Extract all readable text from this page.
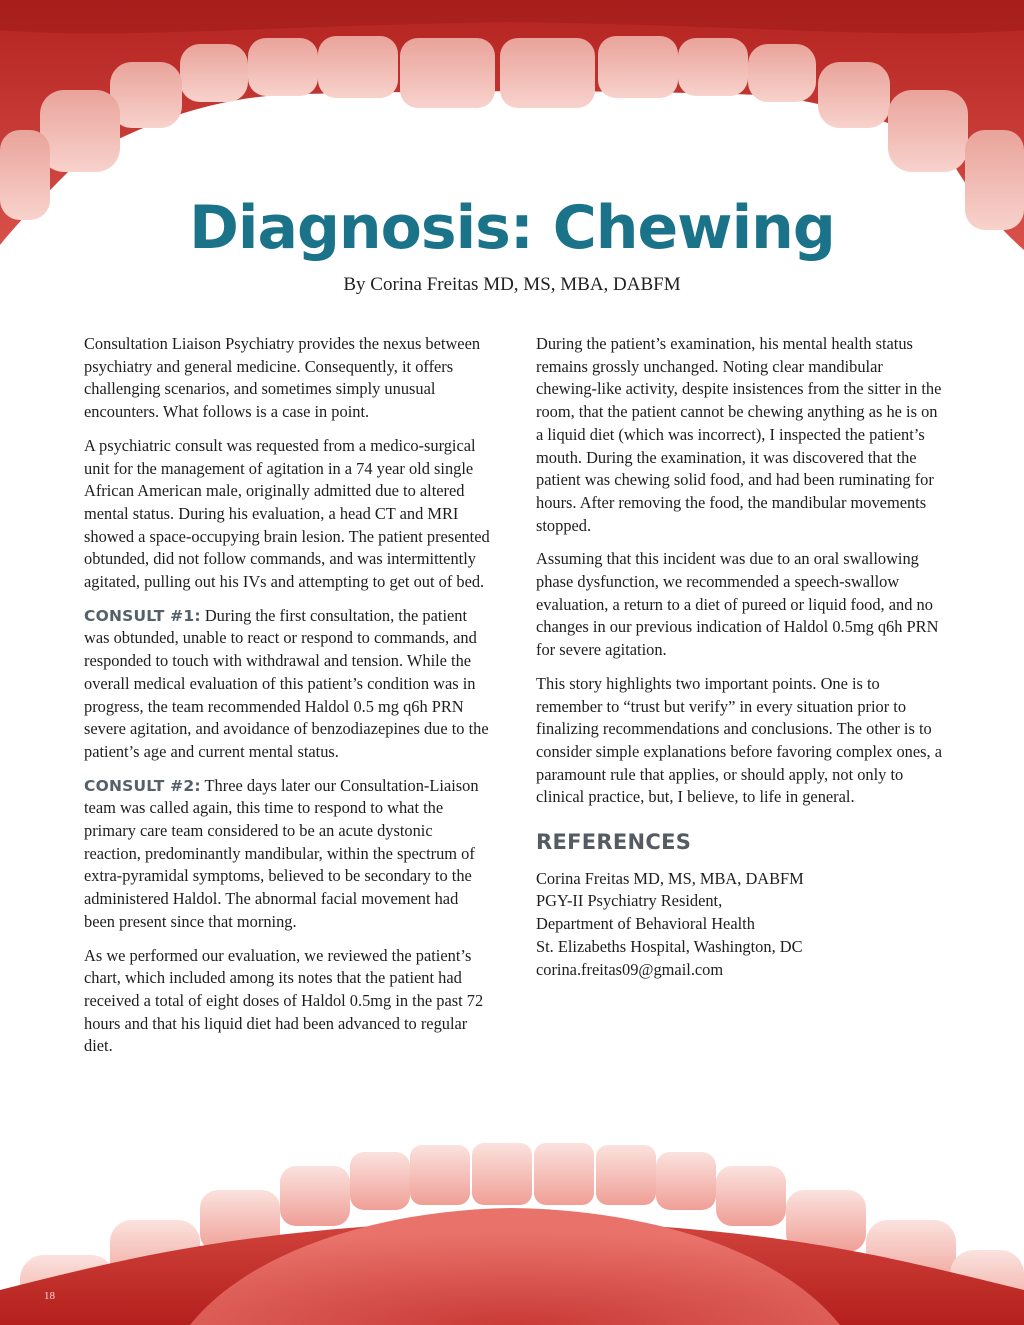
Diagnosis: Chewing
By Corina Freitas MD, MS, MBA, DABFM

Consultation Liaison Psychiatry provides the nexus between psychiatry and general medicine. Consequently, it offers challenging scenarios, and sometimes simply unusual encounters. What follows is a case in point.

A psychiatric consult was requested from a medico-surgical unit for the management of agitation in a 74 year old single African American male, originally admitted due to altered mental status. During his evaluation, a head CT and MRI showed a space-occupying brain lesion. The patient presented obtunded, did not follow commands, and was intermittently agitated, pulling out his IVs and attempting to get out of bed.

CONSULT #1: During the first consultation, the patient was obtunded, unable to react or respond to commands, and responded to touch with withdrawal and tension. While the overall medical evaluation of this patient’s condition was in progress, the team recommended Haldol 0.5 mg q6h PRN severe agitation, and avoidance of benzodiazepines due to the patient’s age and current mental status.

CONSULT #2: Three days later our Consultation-Liaison team was called again, this time to respond to what the primary care team considered to be an acute dystonic reaction, predominantly mandibular, within the spectrum of extra-pyramidal symptoms, believed to be secondary to the administered Haldol. The abnormal facial movement had been present since that morning.

As we performed our evaluation, we reviewed the patient’s chart, which included among its notes that the patient had received a total of eight doses of Haldol 0.5mg in the past 72 hours and that his liquid diet had been advanced to regular diet.

During the patient’s examination, his mental health status remains grossly unchanged. Noting clear mandibular chewing-like activity, despite insistences from the sitter in the room, that the patient cannot be chewing anything as he is on a liquid diet (which was incorrect), I inspected the patient’s mouth. During the examination, it was discovered that the patient was chewing solid food, and had been ruminating for hours. After removing the food, the mandibular movements stopped.

Assuming that this incident was due to an oral swallowing phase dysfunction, we recommended a speech-swallow evaluation, a return to a diet of pureed or liquid food, and no changes in our previous indication of Haldol 0.5mg q6h PRN for severe agitation.

This story highlights two important points. One is to remember to “trust but verify” in every situation prior to finalizing recommendations and conclusions. The other is to consider simple explanations before favoring complex ones, a paramount rule that applies, or should apply, not only to clinical practice, but, I believe, to life in general.

REFERENCES
Corina Freitas MD, MS, MBA, DABFM
PGY-II Psychiatry Resident,
Department of Behavioral Health
St. Elizabeths Hospital, Washington, DC
corina.freitas09@gmail.com
18
